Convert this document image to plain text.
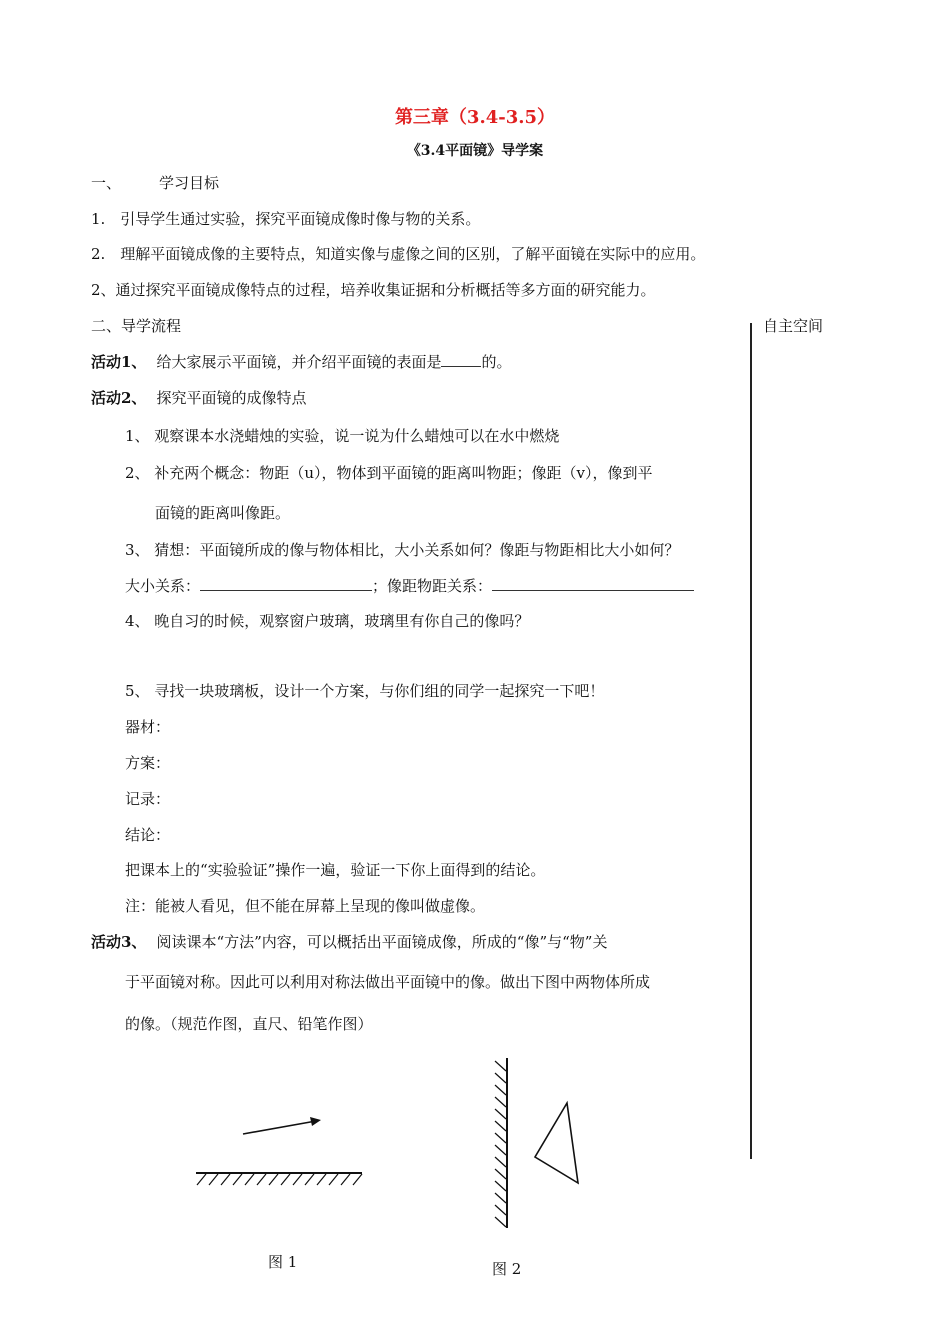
第三章（3.4-3.5）
《3.4平面镜》导学案
一、	学习目标
1.　引导学生通过实验，探究平面镜成像时像与物的关系。
2.　理解平面镜成像的主要特点，知道实像与虚像之间的区别，了解平面镜在实际中的应用。
2、通过探究平面镜成像特点的过程，培养收集证据和分析概括等多方面的研究能力。
二、导学流程	自主空间
活动1、 给大家展示平面镜，并介绍平面镜的表面是	的。
活动2、 探究平面镜的成像特点
1、 观察课本水浇蜡烛的实验，说一说为什么蜡烛可以在水中燃烧
2、 补充两个概念：物距（u），物体到平面镜的距离叫物距；像距（v），像到平
面镜的距离叫像距。
3、 猜想：平面镜所成的像与物体相比，大小关系如何？像距与物距相比大小如何？
大小关系：	；像距物距关系：
4、 晚自习的时候，观察窗户玻璃，玻璃里有你自己的像吗？
5、 寻找一块玻璃板，设计一个方案，与你们组的同学一起探究一下吧！
器材：
方案：
记录：
结论：
把课本上的“实验验证”操作一遍，验证一下你上面得到的结论。
注：能被人看见，但不能在屏幕上呈现的像叫做虚像。
活动3、 阅读课本“方法”内容，可以概括出平面镜成像，所成的“像”与“物”关
于平面镜对称。因此可以利用对称法做出平面镜中的像。做出下图中两物体所成
的像。（规范作图，直尺、铅笔作图）
图 1	图 2
